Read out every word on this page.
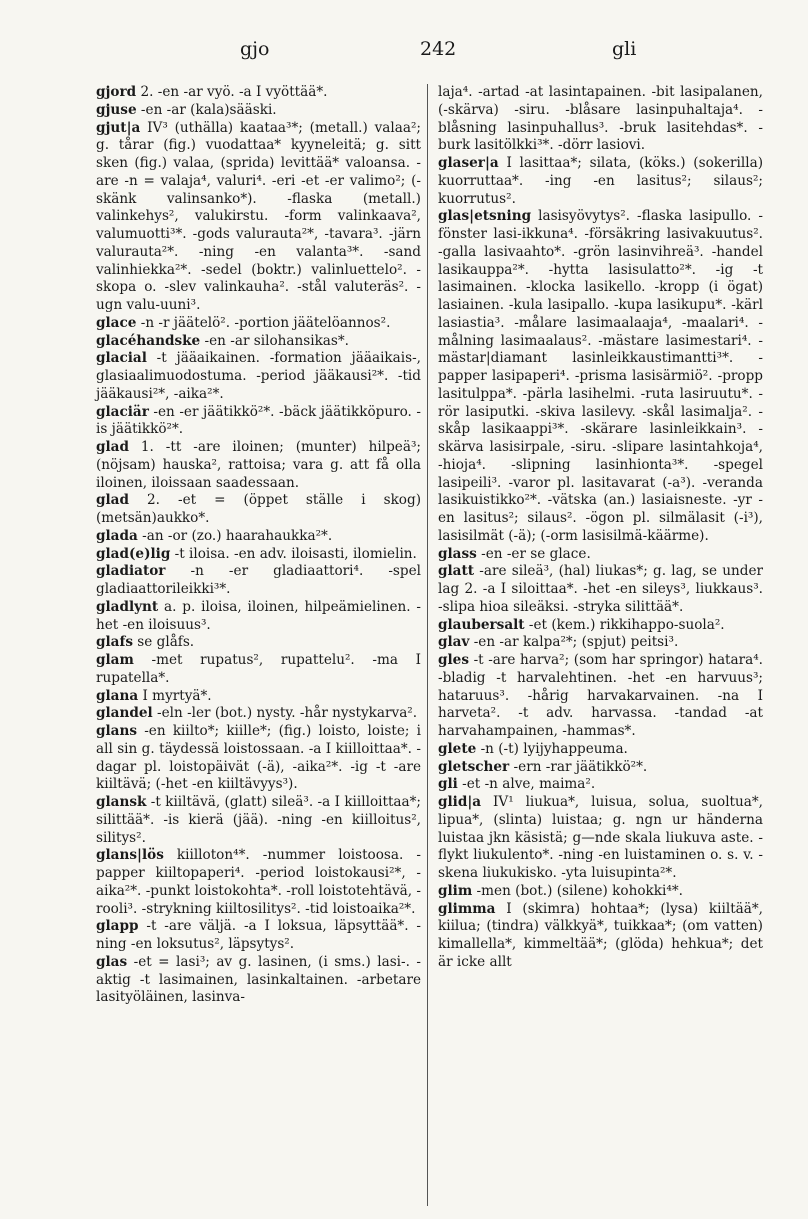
gjo	242	gli

gjord 2. -en -ar vyö. -a I vyöttää*.

gjuse -en -ar (kala)sääski.

gjut|a IV³ (uthälla) kaataa³*; (metall.) valaa²; g. tårar (fig.) vuodattaa* kyyneleitä; g. sitt sken (fig.) valaa, (sprida) levittää* valoansa. -are -n = valaja⁴, valuri⁴. -eri -et -er valimo²; (-skänk valinsanko*). -flaska (metall.) valinkehys², valukirstu. -form valinkaava², valumuotti³*. -gods valurauta²*, -tavara³. -järn valurauta²*. -ning -en valanta³*. -sand valinhiekka²*. -sedel (boktr.) valinluettelo². -skopa o. -slev valinkauha². -stål valuteräs². -ugn valu-uuni³.

glace -n -r jäätelö². -portion jäätelöannos².

glacéhandske -en -ar silohansikas*.

glacial -t jääaikainen. -formation jääaikais-, glasiaalimuodostuma. -period jääkausi²*. -tid jääkausi²*, -aika²*.

glaciär -en -er jäätikkö²*. -bäck jäätikköpuro. -is jäätikkö²*.

glad 1. -tt -are iloinen; (munter) hilpeä³; (nöjsam) hauska², rattoisa; vara g. att få olla iloinen, iloissaan saadessaan.

glad 2. -et = (öppet ställe i skog) (metsän)aukko*.

glada -an -or (zo.) haarahaukka²*.

glad(e)lig -t iloisa. -en adv. iloisasti, ilomielin.

gladiator -n -er gladiaattori⁴. -spel gladiaattorileikki³*.

gladlynt a. p. iloisa, iloinen, hilpeämielinen. -het -en iloisuus³.

glafs se glåfs.

glam -met rupatus², rupattelu². -ma I rupatella*.

glana I myrtyä*.

glandel -eln -ler (bot.) nysty. -hår nystykarva².

glans -en kiilto*; kiille*; (fig.) loisto, loiste; i all sin g. täydessä loistossaan. -a I kiilloittaa*. -dagar pl. loistopäivät (-ä), -aika²*. -ig -t -are kiiltävä; (-het -en kiiltävyys³).

glansk -t kiiltävä, (glatt) sileä³. -a I kiilloittaa*; silittää*. -is kierä (jää). -ning -en kiilloitus², silitys².

glans|lös kiilloton⁴*. -nummer loistoosa. -papper kiiltopaperi⁴. -period loistokausi²*, -aika²*. -punkt loistokohta*. -roll loistotehtävä, -rooli³. -strykning kiiltosilitys². -tid loistoaika²*.

glapp -t -are väljä. -a I loksua, läpsyttää*. -ning -en loksutus², läpsytys².

glas -et = lasi³; av g. lasinen, (i sms.) lasi-. -aktig -t lasimainen, lasinkaltainen. -arbetare lasityöläinen, lasinva-

laja⁴. -artad -at lasintapainen. -bit lasipalanen, (-skärva) -siru. -blåsare lasinpuhaltaja⁴. -blåsning lasinpuhallus³. -bruk lasitehdas*. -burk lasitölkki³*. -dörr lasiovi.

glaser|a I lasittaa*; silata, (köks.) (sokerilla) kuorruttaa*. -ing -en lasitus²; silaus²; kuorrutus².

glas|etsning lasisyövytys². -flaska lasipullo. -fönster lasi-ikkuna⁴. -försäkring lasivakuutus². -galla lasivaahto*. -grön lasinvihreä³. -handel lasikauppa²*. -hytta lasisulatto²*. -ig -t lasimainen. -klocka lasikello. -kropp (i ögat) lasiainen. -kula lasipallo. -kupa lasikupu*. -kärl lasiastia³. -målare lasimaalaaja⁴, -maalari⁴. -målning lasimaalaus². -mästare lasimestari⁴. -mästar|diamant lasinleikkaustimantti³*. -papper lasipaperi⁴. -prisma lasisärmiö². -propp lasitulppa*. -pärla lasihelmi. -ruta lasiruutu*. -rör lasiputki. -skiva lasilevy. -skål lasimalja². -skåp lasikaappi³*. -skärare lasinleikkain³. -skärva lasisirpale, -siru. -slipare lasintahkoja⁴, -hioja⁴. -slipning lasinhionta³*. -spegel lasipeili³. -varor pl. lasitavarat (-a³). -veranda lasikuistikko²*. -vätska (an.) lasiaisneste. -yr -en lasitus²; silaus². -ögon pl. silmälasit (-i³), lasisilmät (-ä); (-orm lasisilmä-käärme).

glass -en -er se glace.

glatt -are sileä³, (hal) liukas*; g. lag, se under lag 2. -a I siloittaa*. -het -en sileys³, liukkaus³. -slipa hioa sileäksi. -stryka silittää*.

glaubersalt -et (kem.) rikkihappo-suola².

glav -en -ar kalpa²*; (spjut) peitsi³.

gles -t -are harva²; (som har springor) hatara⁴. -bladig -t harvalehtinen. -het -en harvuus³; hataruus³. -hårig harvakarvainen. -na I harveta². -t adv. harvassa. -tandad -at harvahampainen, -hammas*.

glete -n (-t) lyijyhappeuma.

gletscher -ern -rar jäätikkö²*.

gli -et -n alve, maima².

glid|a IV¹ liukua*, luisua, solua, suoltua*, lipua*, (slinta) luistaa; g. ngn ur händerna luistaa jkn käsistä; g—nde skala liukuva aste. -flykt liukulento*. -ning -en luistaminen o. s. v. -skena liukukisko. -yta luisupinta²*.

glim -men (bot.) (silene) kohokki⁴*.

glimma I (skimra) hohtaa*; (lysa) kiiltää*, kiilua; (tindra) välkkyä*, tuikkaa*; (om vatten) kimallella*, kimmeltää*; (glöda) hehkua*; det är icke allt
